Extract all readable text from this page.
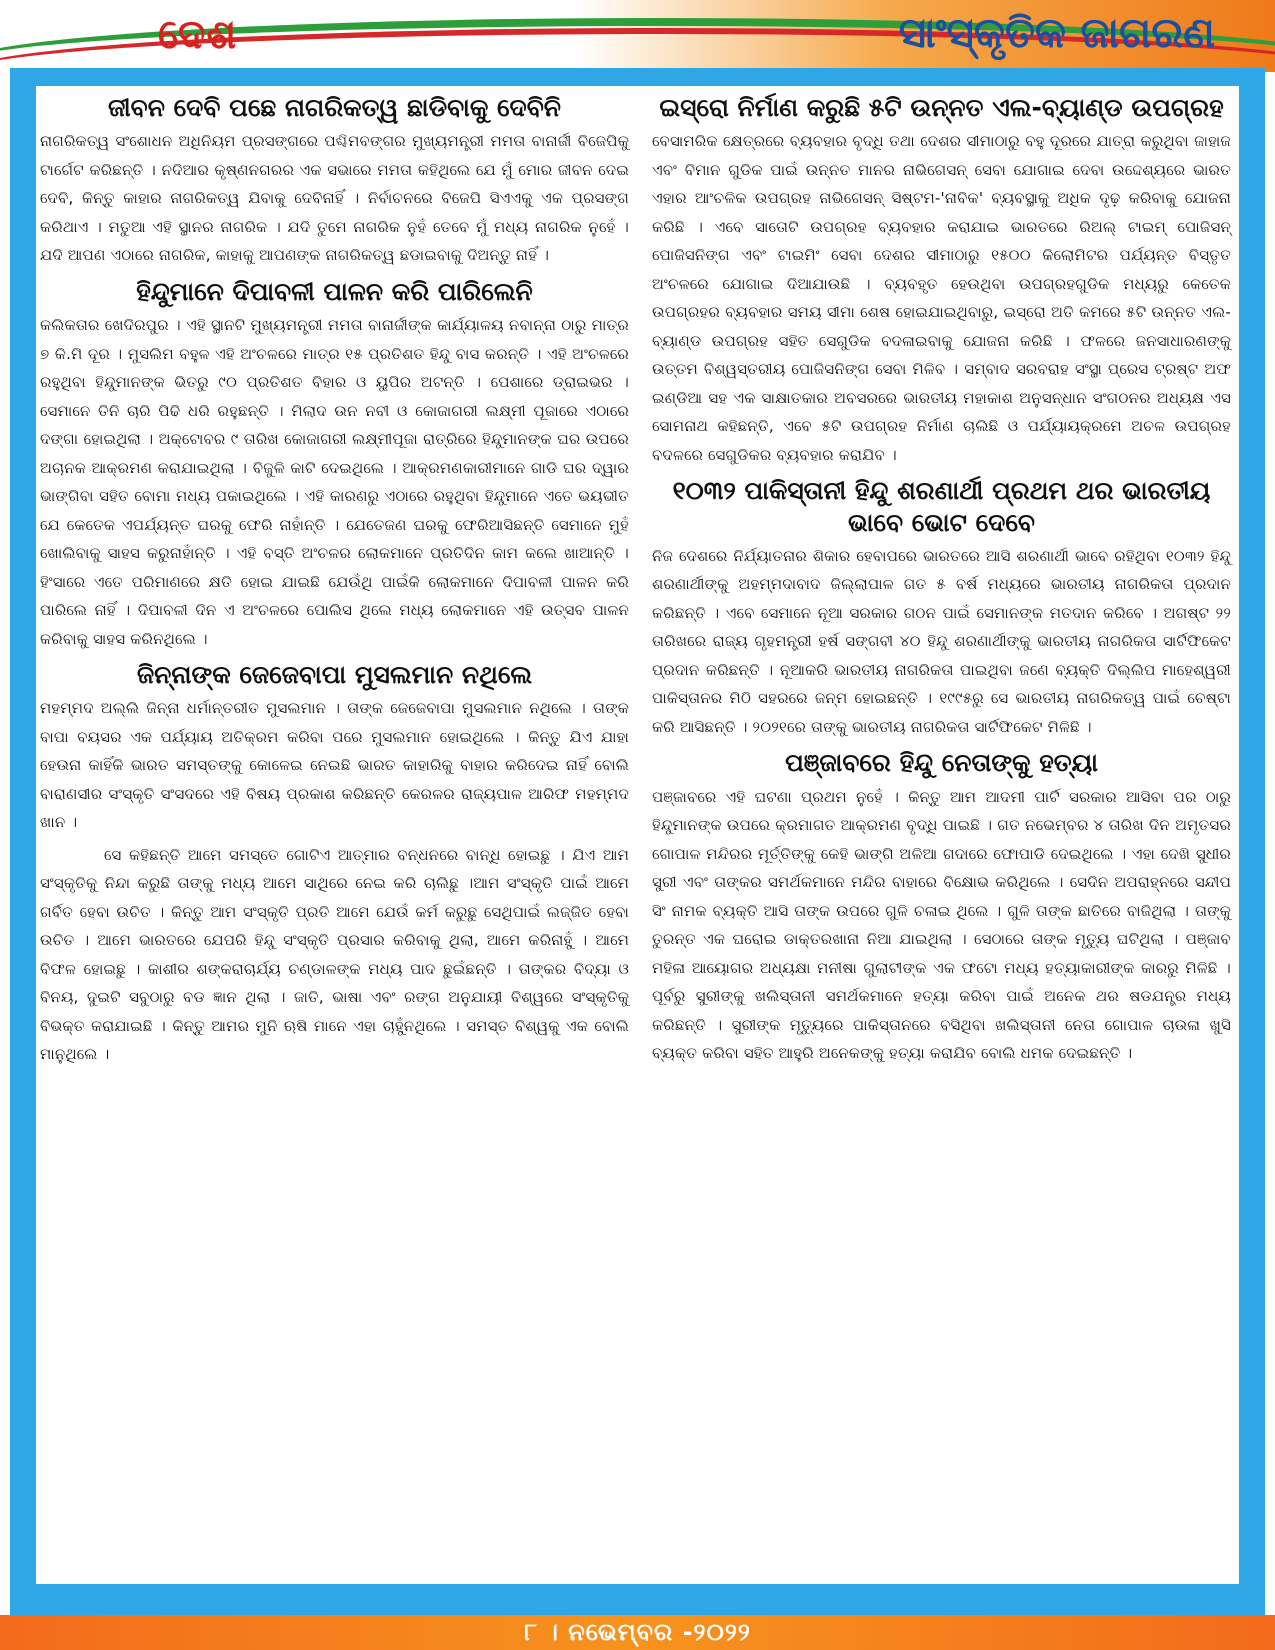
ଦେଶ	ସାଂସ୍କୃତିକ ଜାଗରଣ
ଜୀବନ ଦେବି ପଛେ ନାଗରିକତ୍ୱ ଛାଡିବାକୁ ଦେବିନି

ନାଗରିକତ୍ୱ ସଂଶୋଧନ ଅଧିନିୟମ ପ୍ରସଙ୍ଗରେ ପଶ୍ଚିମବଙ୍ଗର ମୁଖ୍ୟମନ୍ତ୍ରୀ ମମତା ବାନାର୍ଜୀ ବିଜେପିକୁ ଟାର୍ଗେଟ କରିଛନ୍ତି । ନଦିଆର କୃଷ୍ଣନଗରର ଏକ ସଭାରେ ମମତା କହିଥିଲେ ଯେ ମୁଁ ମୋର ଜୀବନ ଦେଇ ଦେବି, କିନ୍ତୁ କାହାର ନାଗରିକତ୍ୱ ଯିବାକୁ ଦେବିନାହିଁ । ନିର୍ବାଚନରେ ବିଜେପି ସିଏଏକୁ ଏକ ପ୍ରସଙ୍ଗ କରିଥାଏ । ମତୁଆ ଏହି ସ୍ଥାନର ନାଗରିକ । ଯଦି ତୁମେ ନାଗରିକ ନୁହଁ ତେବେ ମୁଁ ମଧ୍ୟ ନାଗରିକ ନୁହେଁ । ଯଦି ଆପଣ ଏଠାରେ ନାଗରିକ, କାହାକୁ ଆପଣଙ୍କ ନାଗରିକତ୍ୱ ଛଡାଇବାକୁ ଦିଅନ୍ତୁ ନାହିଁ ।

ହିନ୍ଦୁମାନେ ଦିପାବଳୀ ପାଳନ କରି ପାରିଲେନି

କଲିକତାର ଖେଦିରପୁର । ଏହି ସ୍ଥାନଟି ମୁଖ୍ୟମନ୍ତ୍ରୀ ମମତା ବାନାର୍ଜୀଙ୍କ କାର୍ଯ୍ୟାଳୟ ନବାନ୍ନା ଠାରୁ ମାତ୍ର ୭ କି.ମି ଦୂର । ମୁସଲିମ ବହୁଳ ଏହି ଅଂଚଳରେ ମାତ୍ର ୧୫ ପ୍ରତିଶତ ହିନ୍ଦୁ ବାସ କରନ୍ତି । ଏହି ଅଂଚଳରେ ରହୁଥିବା ହିନ୍ଦୁମାନଙ୍କ ଭିତରୁ ୯୦ ପ୍ରତିଶତ ବିହାର ଓ ୟୁପିର ଅଟନ୍ତି । ପେଶାରେ ଡ୍ରାଇଭର । ସେମାନେ ତିନି ଚାରି ପିଢି ଧରି ରହୁଛନ୍ତି । ମିଲାଦ ଉନ ନବୀ ଓ କୋଜାଗରୀ ଲକ୍ଷ୍ମୀ ପୂଜାରେ ଏଠାରେ ଦଙ୍ଗା ହୋଇଥିଲା । ଅକ୍ଟୋବର ୯ ତାରିଖ କୋଜାଗରୀ ଲକ୍ଷ୍ମୀପୂଜା ରାତ୍ରିରେ ହିନ୍ଦୁମାନଙ୍କ ଘର ଉପରେ ଅଚାନକ ଆକ୍ରମଣ କରାଯାଇଥିଲା । ବିଜୁଳି କାଟି ଦେଇଥିଲେ । ଆକ୍ରମଣକାରୀମାନେ ଗାଡି ଘର ଦ୍ୱାର ଭାଙ୍ଗିବା ସହିତ ବୋମା ମଧ୍ୟ ପକାଇଥିଲେ । ଏହି କାରଣରୁ ଏଠାରେ ରହୁଥିବା ହିନ୍ଦୁମାନେ ଏତେ ଭୟଭୀତ ଯେ କେତେକ ଏପର୍ଯ୍ୟନ୍ତ ଘରକୁ ଫେରି ନାହାଁନ୍ତି । ଯେତେଜଣ ଘରକୁ ଫେରିଆସିଛନ୍ତି ସେମାନେ ମୁହଁ ଖୋଲିବାକୁ ସାହସ କରୁନାହାଁନ୍ତି । ଏହି ବସ୍ତି ଅଂଚଳର ଲୋକମାନେ ପ୍ରତିଦିନ କାମ କଲେ ଖାଆନ୍ତି । ହିଂସାରେ ଏତେ ପରିମାଣରେ କ୍ଷତି ହୋଇ ଯାଇଛି ଯେଉଁଥି ପାଇଁକି ଲୋକମାନେ ଦିପାବଳୀ ପାଳନ କରି ପାରିଲେ ନାହିଁ । ଦିପାବଳୀ ଦିନ ଏ ଅଂଚଳରେ ପୋଲିସ ଥିଲେ ମଧ୍ୟ ଲୋକମାନେ ଏହି ଉତ୍ସବ ପାଳନ କରିବାକୁ ସାହସ କରିନଥିଲେ ।

ଜିନ୍ନାଙ୍କ ଜେଜେବାପା ମୁସଲମାନ ନଥିଲେ

ମହମ୍ମଦ ଅଲ୍ଲି ଜିନ୍ନା ଧର୍ମାନ୍ତରୀତ ମୁସଲମାନ । ତାଙ୍କ ଜେଜେବାପା ମୁସଲମାନ ନଥିଲେ । ତାଙ୍କ ବାପା ବୟସର ଏକ ପର୍ଯ୍ୟାୟ ଅତିକ୍ରମ କରିବା ପରେ ମୁସଲମାନ ହୋଇଥିଲେ । କିନ୍ତୁ ଯିଏ ଯାହା ହେଉନା କାହିଁକି ଭାରତ ସମସ୍ତଙ୍କୁ କୋଳେଇ ନେଇଛି ଭାରତ କାହାରିକୁ ବାହାର କରିଦେଇ ନାହିଁ ବୋଲି ବାରାଣସୀର ସଂସ୍କୃତି ସଂସଦରେ ଏହି ବିଷୟ ପ୍ରକାଶ କରିଛନ୍ତି କେରଳର ରାଜ୍ୟପାଳ ଆରିଫ ମହମ୍ମଦ ଖାନ ।

ସେ କହିଛନ୍ତି ଆମେ ସମସ୍ତେ ଗୋଟିଏ ଆତ୍ମାର ବନ୍ଧନରେ ବାନ୍ଧି ହୋଇଛୁ । ଯିଏ ଆମ ସଂସ୍କୃତିକୁ ନିନ୍ଦା କରୁଛି ତାଙ୍କୁ ମଧ୍ୟ ଆମେ ସାଥିରେ ନେଇ କରି ଚାଲିଛୁ ।ଆମ ସଂସ୍କୃତି ପାଇଁ ଆମେ ଗର୍ବିତ ହେବା ଉଚିତ । କିନ୍ତୁ ଆମ ସଂସ୍କୃତି ପ୍ରତି ଆମେ ଯେଉଁ କର୍ମ କରୁଛୁ ସେଥିପାଇଁ ଲଜ୍ଜିତ ହେବା ଉଚିତ । ଆମେ ଭାରତରେ ଯେପରି ହିନ୍ଦୁ ସଂସ୍କୃତି ପ୍ରସାର କରିବାକୁ ଥିଲା, ଆମେ କରିନାହୁଁ । ଆମେ ବିଫଳ ହୋଇଛୁ । କାଶୀର ଶଙ୍କରାଚାର୍ଯ୍ୟ ଚଣ୍ଡାଳଙ୍କ ମଧ୍ୟ ପାଦ ଛୁଇଁଛନ୍ତି । ତାଙ୍କର ବିଦ୍ୟା ଓ ବିନୟ, ଦୁଇଟି ସବୁଠାରୁ ବଡ ଜ୍ଞାନ ଥିଲା । ଜାତି, ଭାଷା ଏବଂ ରଙ୍ଗ ଅନୁଯାୟୀ ବିଶ୍ୱରେ ସଂସ୍କୃତିକୁ ବିଭକ୍ତ କରାଯାଇଛି । କିନ୍ତୁ ଆମର ମୁନି ଋଷି ମାନେ ଏହା ଚାହୁଁନଥିଲେ । ସମସ୍ତ ବିଶ୍ୱକୁ ଏକ ବୋଲି ମାନୁଥିଲେ ।

ଇସ୍ରୋ ନିର୍ମାଣ କରୁଛି ୫ଟି ଉନ୍ନତ ଏଲ-ବ୍ୟାଣ୍ଡ ଉପଗ୍ରହ

ବେସାମରିକ କ୍ଷେତ୍ରରେ ବ୍ୟବହାର ବୃଦ୍ଧି ତଥା ଦେଶର ସୀମାଠାରୁ ବହୁ ଦୂରରେ ଯାତ୍ରା କରୁଥିବା ଜାହାଜ ଏବଂ ବିମାନ ଗୁଡିକ ପାଇଁ ଉନ୍ନତ ମାନର ନାଭିଗେସନ୍ ସେବା ଯୋଗାଇ ଦେବା ଉଦ୍ଦେଶ୍ୟରେ ଭାରତ ଏହାର ଆଂଚଳିକ ଉପଗ୍ରହ ନାଭିଗେସନ୍ ସିଷ୍ଟମ-'ନାବିକ' ବ୍ୟବସ୍ଥାକୁ ଅଧିକ ଦୃଢ଼ କରିବାକୁ ଯୋଜନା କରିଛି । ଏବେ ସାତୋଟି ଉପଗ୍ରହ ବ୍ୟବହାର କରାଯାଇ ଭାରତରେ ରିଅଲ୍ ଟାଇମ୍ ପୋଜିସନ୍ ପୋଜିସନିଙ୍ଗ ଏବଂ ଟାଇମିଂ ସେବା ଦେଶର ସୀମାଠାରୁ ୧୫୦୦ କିଲୋମିଟର ପର୍ଯ୍ୟନ୍ତ ବିସ୍ତୃତ ଅଂଚଳରେ ଯୋଗାଇ ଦିଆଯାଉଛି । ବ୍ୟବହୃତ ହେଉଥିବା ଉପଗ୍ରହଗୁଡିକ ମଧ୍ୟରୁ କେତେକ ଉପଗ୍ରହର ବ୍ୟବହାର ସମୟ ସୀମା ଶେଷ ହୋଇଯାଇଥିବାରୁ, ଇସ୍ରୋ ଅତି କମରେ ୫ଟି ଉନ୍ନତ ଏଲ-ବ୍ୟାଣ୍ଡ ଉପଗ୍ରହ ସହିତ ସେଗୁଡିକ ବଦଳାଇବାକୁ ଯୋଜନା କରିଛି । ଫଳରେ ଜନସାଧାରଣଙ୍କୁ ଉତ୍ତମ ବିଶ୍ୱସ୍ତରୀୟ ପୋଜିସନିଙ୍ଗ ସେବା ମିଳିବ । ସମ୍ବାଦ ସରବରାହ ସଂସ୍ଥା ପ୍ରେସ ଟ୍ରଷ୍ଟ ଅଫ ଇଣ୍ଡିଆ ସହ ଏକ ସାକ୍ଷାତକାର ଅବସରରେ ଭାରତୀୟ ମହାକାଶ ଅନୁସନ୍ଧାନ ସଂଗଠନର ଅଧ୍ୟକ୍ଷ ଏସ ସୋମନାଥ କହିଛନ୍ତି, ଏବେ ୫ଟି ଉପଗ୍ରହ ନିର୍ମାଣ ଚାଲିଛି ଓ ପର୍ଯ୍ୟାୟକ୍ରମେ ଅଚଳ ଉପଗ୍ରହ ବଦଳରେ ସେଗୁଡିକର ବ୍ୟବହାର କରାଯିବ ।

୧୦୩୨ ପାକିସ୍ତାନୀ ହିନ୍ଦୁ ଶରଣାର୍ଥୀ ପ୍ରଥମ ଥର ଭାରତୀୟ ଭାବେ ଭୋଟ ଦେବେ

ନିଜ ଦେଶରେ ନିର୍ଯ୍ୟାତନାର ଶିକାର ହେବାପରେ ଭାରତରେ ଆସି ଶରଣାର୍ଥୀ ଭାବେ ରହିଥିବା ୧୦୩୨ ହିନ୍ଦୁ ଶରଣାର୍ଥୀଙ୍କୁ ଅହମ୍ମଦାବାଦ ଜିଲ୍ଲାପାଳ ଗତ ୫ ବର୍ଷ ମଧ୍ୟରେ ଭାରତୀୟ ନାଗରିକତା ପ୍ରଦାନ କରିଛନ୍ତି । ଏବେ ସେମାନେ ନୂଆ ସରକାର ଗଠନ ପାଇଁ ସେମାନଙ୍କ ମତଦାନ କରିବେ । ଅଗଷ୍ଟ ୨୨ ତାରିଖରେ ରାଜ୍ୟ ଗୃହମନ୍ତ୍ରୀ ହର୍ଷ ସଙ୍ଗବୀ ୪୦ ହିନ୍ଦୁ ଶରଣାର୍ଥୀଙ୍କୁ ଭାରତୀୟ ନାଗରିକତା ସାର୍ଟିଫିକେଟ ପ୍ରଦାନ କରିଛନ୍ତି । ନୂଆକରି ଭାରତୀୟ ନାଗରିକତା ପାଇଥିବା ଜଣେ ବ୍ୟକ୍ତି ଦିଲ୍ଲିପ ମାହେଶ୍ୱରୀ ପାକିସ୍ତାନର ମିଠି ସହରରେ ଜନ୍ମ ହୋଇଛନ୍ତି । ୧୯୯୫ରୁ ସେ ଭାରତୀୟ ନାଗରିକତ୍ୱ ପାଇଁ ଚେଷ୍ଟା କରି ଆସିଛନ୍ତି । ୨୦୨୧ରେ ତାଙ୍କୁ ଭାରତୀୟ ନାଗରିକତା ସାର୍ଟିଫିକେଟ ମିଳିଛି ।

ପଞ୍ଜାବରେ ହିନ୍ଦୁ ନେତାଙ୍କୁ ହତ୍ୟା

ପଞ୍ଜାବରେ ଏହି ଘଟଣା ପ୍ରଥମ ନୁହେଁ । କିନ୍ତୁ ଆମ ଆଦମୀ ପାର୍ଟି ସରକାର ଆସିବା ପର ଠାରୁ ହିନ୍ଦୁମାନଙ୍କ ଉପରେ କ୍ରମାଗତ ଆକ୍ରମଣ ବୃଦ୍ଧି ପାଇଛି । ଗତ ନଭେମ୍ବର ୪ ତାରିଖ ଦିନ ଅମୃତସର ଗୋପାଳ ମନ୍ଦିରର ମୂର୍ତ୍ତିଙ୍କୁ କେହି ଭାଙ୍ଗି ଅଳିଆ ଗଦାରେ ଫୋପାଡି ଦେଇଥିଲେ । ଏହା ଦେଖି ସୁଧୀର ସୁରୀ ଏବଂ ତାଙ୍କର ସମର୍ଥକମାନେ ମନ୍ଦିର ବାହାରେ ବିକ୍ଷୋଭ କରିଥିଲେ । ସେଦିନ ଅପରାହ୍ନରେ ସନ୍ଦୀପ ସିଂ ନାମକ ବ୍ୟକ୍ତି ଆସି ତାଙ୍କ ଉପରେ ଗୁଳି ଚଳାଇ ଥିଲେ । ଗୁଳି ତାଙ୍କ ଛାତିରେ ବାଜିଥିଲା । ତାଙ୍କୁ ତୁରନ୍ତ ଏକ ଘରୋଇ ଡାକ୍ତରଖାନା ନିଆ ଯାଇଥିଲା । ସେଠାରେ ତାଙ୍କ ମୃତ୍ୟୁ ଘଟିଥିଲା । ପଞ୍ଜାବ ମହିଳା ଆୟୋଗର ଅଧ୍ୟକ୍ଷା ମନୀଷା ଗୁଲାଟୀଙ୍କ ଏକ ଫଟୋ ମଧ୍ୟ ହତ୍ୟାକାରୀଙ୍କ କାରରୁ ମିଳିଛି । ପୂର୍ବରୁ ସୁରୀଙ୍କୁ ଖଲିସ୍ତାନୀ ସମର୍ଥକମାନେ ହତ୍ୟା କରିବା ପାଇଁ ଅନେକ ଥର ଷଡଯନ୍ତ୍ର ମଧ୍ୟ କରିଛନ୍ତି । ସୁରୀଙ୍କ ମୃତ୍ୟୁରେ ପାକିସ୍ତାନରେ ବସିଥିବା ଖଲିସ୍ତାନୀ ନେତା ଗୋପାଳ ଚାଉଳା ଖୁସି ବ୍ୟକ୍ତ କରିବା ସହିତ ଆହୁରି ଅନେକଙ୍କୁ ହତ୍ୟା କରାଯିବ ବୋଲି ଧମକ ଦେଇଛନ୍ତି ।

୮ । ନଭେମ୍ବର -୨୦୨୨
